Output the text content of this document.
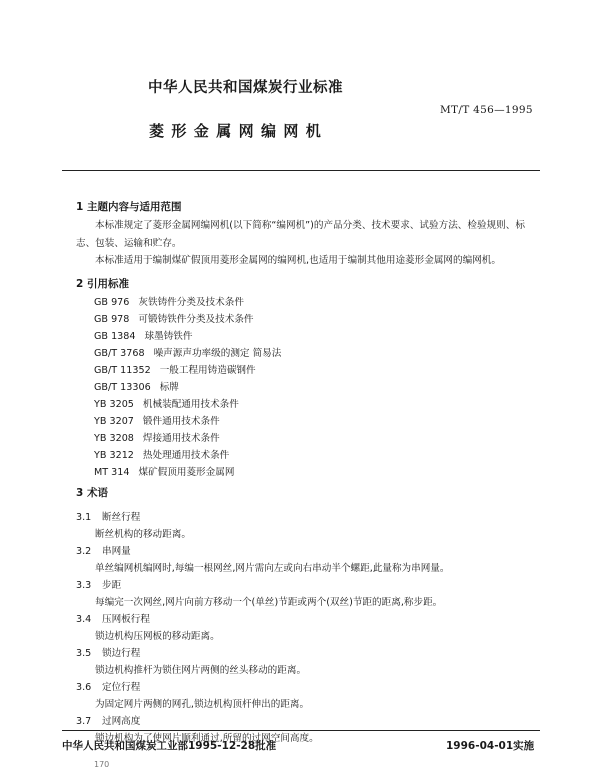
中华人民共和国煤炭行业标准
MT/T 456—1995
菱形金属网编网机
1 主题内容与适用范围
本标准规定了菱形金属网编网机(以下简称“编网机”)的产品分类、技术要求、试验方法、检验规则、标志、包装、运输和贮存。
本标准适用于编制煤矿假顶用菱形金属网的编网机,也适用于编制其他用途菱形金属网的编网机。
2 引用标准
GB 976 灰铁铸件分类及技术条件
GB 978 可锻铸铁件分类及技术条件
GB 1384 球墨铸铁件
GB/T 3768 噪声源声功率级的测定 简易法
GB/T 11352 一般工程用铸造碳钢件
GB/T 13306 标牌
YB 3205 机械装配通用技术条件
YB 3207 锻件通用技术条件
YB 3208 焊接通用技术条件
YB 3212 热处理通用技术条件
MT 314 煤矿假顶用菱形金属网
3 术语
3.1 断丝行程
断丝机构的移动距离。
3.2 串网量
单丝编网机编网时,每编一根网丝,网片需向左或向右串动半个螺距,此量称为串网量。
3.3 步距
每编完一次网丝,网片向前方移动一个(单丝)节距或两个(双丝)节距的距离,称步距。
3.4 压网板行程
锁边机构压网板的移动距离。
3.5 锁边行程
锁边机构推杆为锁住网片两侧的丝头移动的距离。
3.6 定位行程
为固定网片两侧的网孔,锁边机构顶杆伸出的距离。
3.7 过网高度
锁边机构为了使网片顺利通过,所留的过网空间高度。
中华人民共和国煤炭工业部1995-12-28批准	1996-04-01实施
170
